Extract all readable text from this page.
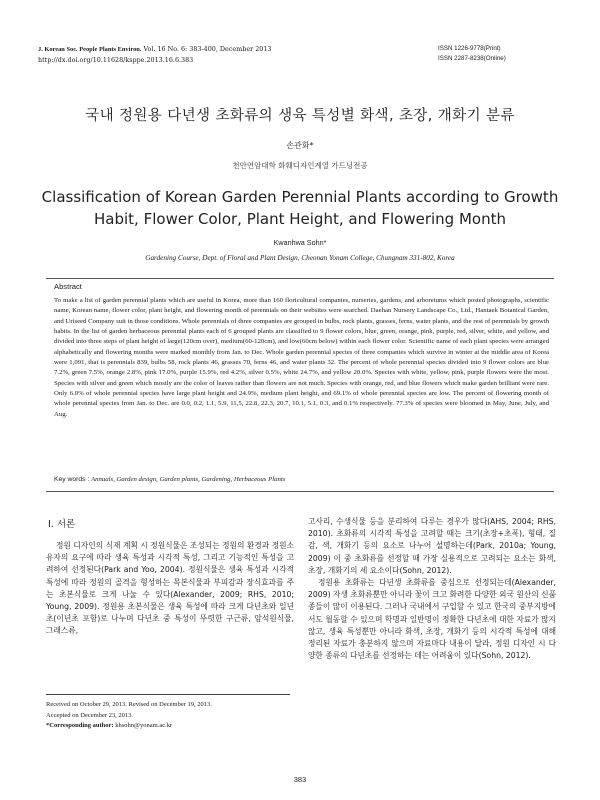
J. Korean Soc. People Plants Environ. Vol. 16 No. 6: 383-400, December 2013
http://dx.doi.org/10.11628/ksppe.2013.16.6.383
ISSN 1226-9778(Print)
ISSN 2287-8238(Online)
국내 정원용 다년생 초화류의 생육 특성별 화색, 초장, 개화기 분류
손관화*
천안연암대학 화훼디자인계열 가드닝전공
Classification of Korean Garden Perennial Plants according to Growth Habit, Flower Color, Plant Height, and Flowering Month
Kwanhwa Sohn*
Gardening Course, Dept. of Floral and Plant Design, Cheonan Yonam College, Chungnam 331-802, Korea
Abstract
To make a list of garden perennial plants which are useful in Korea, more than 160 floricultural companies, nurseries, gardens, and arboretums which posted photographs, scientific name, Korean name, flower color, plant height, and flowering month of perennials on their websites were searched. Daehan Nursery Landscape Co., Ltd., Hantaek Botanical Garden, and Uriseed Company suit in those conditions. Whole perennials of three companies are grouped in bulbs, rock plants, grasses, ferns, water plants, and the rest of perennials by growth habits. In the list of garden herbaceous perennial plants each of 6 grouped plants are classified to 9 flower colors, blue, green, orange, pink, purple, red, silver, white, and yellow, and divided into three steps of plant height of large(120cm over), medium(60-120cm), and low(60cm below) within each flower color. Scientific name of each plant species were arranged alphabetically and flowering months were marked monthly from Jan. to Dec. Whole garden perennial species of three companies which survive in winter at the middle area of Korea were 1,091, that is perennials 839, bulbs 58, rock plants 46, grasses 70, ferns 46, and water plants 32. The percent of whole perennial species divided into 9 flower colors are blue 7.2%, green 7.5%, orange 2.8%, pink 17.0%, purple 15.9%, red 4.2%, silver 0.5%, white 24.7%, and yellow 20.0%. Species with white, yellow, pink, purple flowers were the most. Species with silver and green which mostly are the color of leaves rather than flowers are not much. Species with orange, red, and blue flowers which make garden brilliant were rare. Only 6.0% of whole perennial species have large plant height and 24.9%, medium plant height, and 69.1% of whole perennial species are low. The percent of flowering month of whole perennial species from Jan. to Dec. are 0.0, 0.2, 1.1, 5.9, 11,5, 22.8, 22.3, 20.7, 10.1, 5.1, 0.3, and 0.1% respectively. 77.3% of species were bloomed in May, June, July, and Aug.
Key words : Annuals, Garden design, Garden plants, Gardening, Herbaceous Plants
Ⅰ. 서론

정원 디자인의 식재 계획 시 정원식물은 조성되는 정원의 환경과 정원소유자의 요구에 따라 생육 특성과 시각적 특성, 그리고 기능적인 특성을 고려하여 선정된다(Park and Yoo, 2004). 정원식물은 생육 특성과 시각적 특성에 따라 정원의 골격을 형성하는 목본식물과 부피감과 장식효과를 주는 초본식물로 크게 나눌 수 있다(Alexander, 2009; RHS, 2010; Young, 2009). 정원용 초본식물은 생육 특성에 따라 크게 다년초와 일년초(이년초 포함)로 나누며 다년초 중 특성이 뚜렷한 구근류, 암석원식물, 그래스류,

고사리, 수생식물 등을 분리하여 다루는 경우가 많다(AHS, 2004; RHS, 2010). 초화류의 시각적 특성을 고려할 때는 크기(초장+초폭), 형태, 질감, 색, 개화기 등의 요소로 나누어 설명하는데(Park, 2010a; Young, 2009) 이 중 초화류를 선정할 때 가장 실용적으로 고려되는 요소는 화색, 초장, 개화기의 세 요소이다(Sohn, 2012).

정원용 초화류는 다년생 초화류를 중심으로 선정되는데(Alexander, 2009) 자생 초화류뿐만 아니라 꽃이 크고 화려한 다양한 외국 원산의 신품종들이 많이 이용된다. 그러나 국내에서 구입할 수 있고 한국의 중부지방에서도 월동할 수 있으며 학명과 일반명이 정확한 다년초에 대한 자료가 많지 않고, 생육 특성뿐만 아니라 화색, 초장, 개화기 등의 시각적 특성에 대해 정리된 자료가 충분하지 않으며 자료마다 내용이 달라, 정원 디자인 시 다양한 종류의 다년초를 선정하는 데는 어려움이 있다(Sohn, 2012).

Received on October 29, 2013. Revised on December 19, 2013.
Accepted on December 23, 2013.
*Corresponding author: khsohn@yonam.ac.kr
383
